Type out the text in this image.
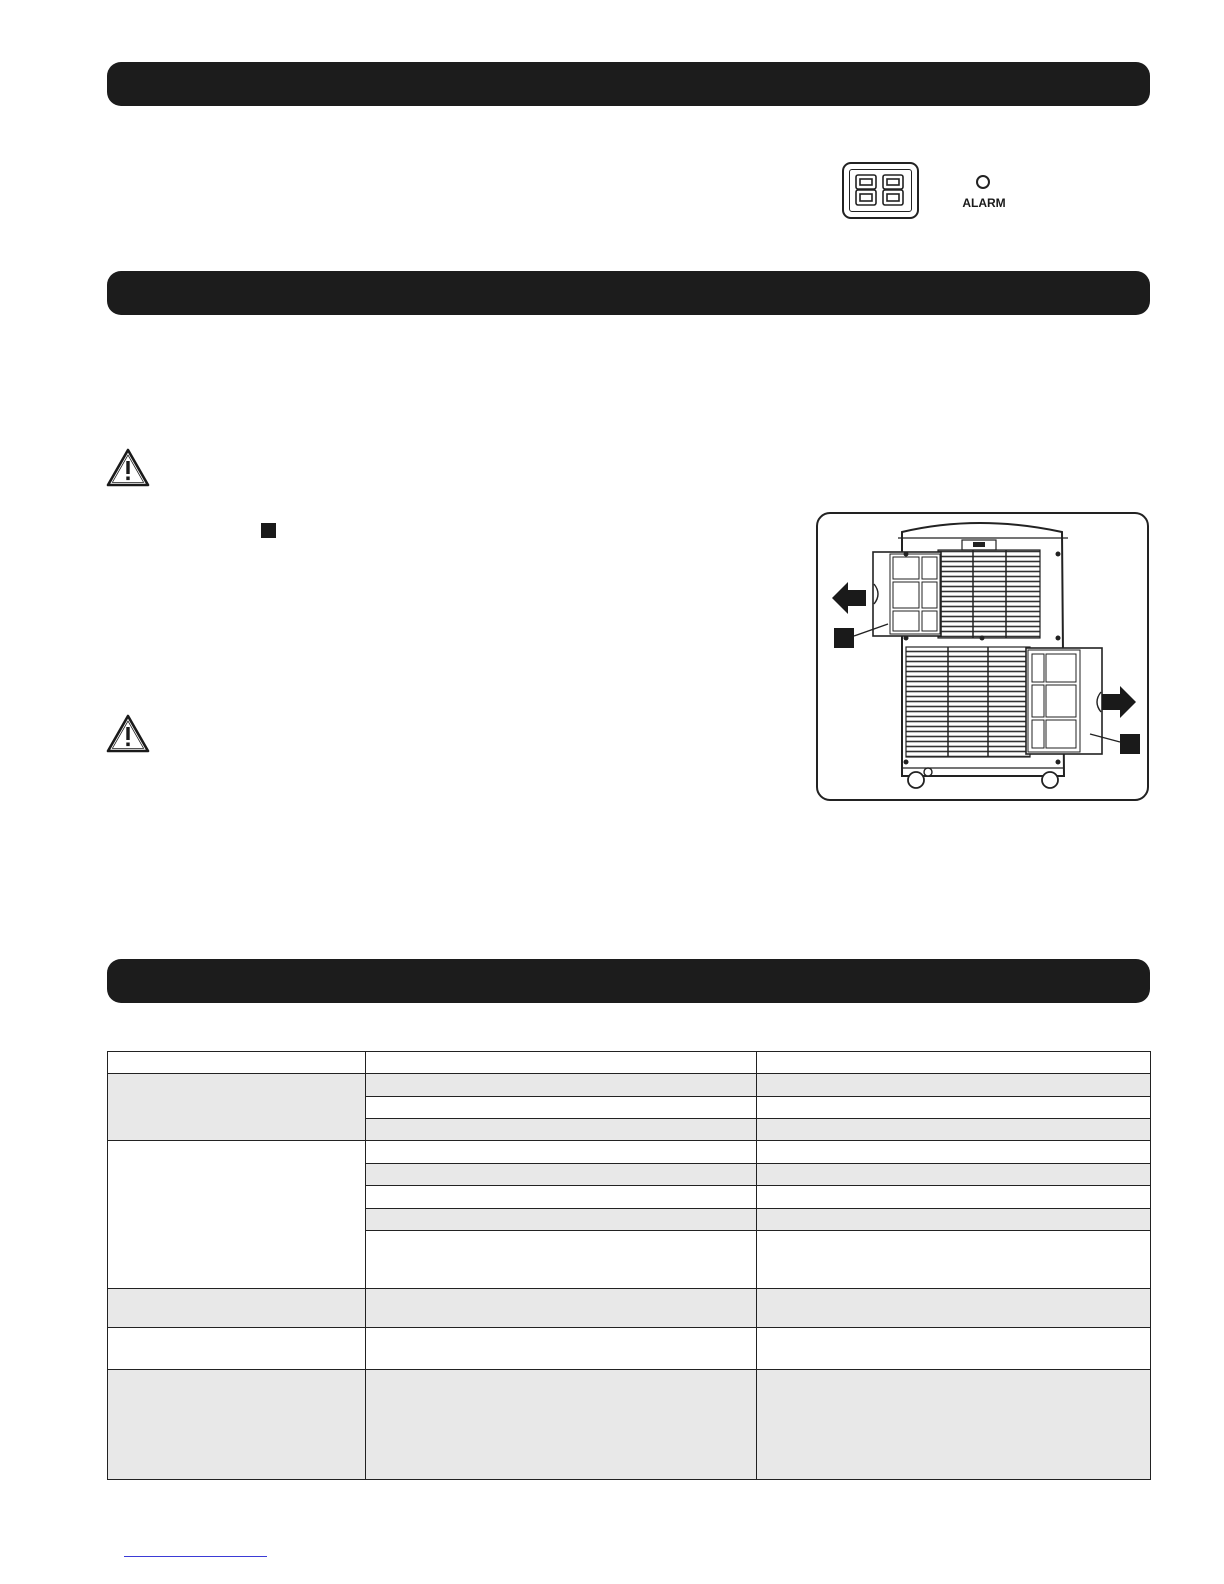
ALARM
